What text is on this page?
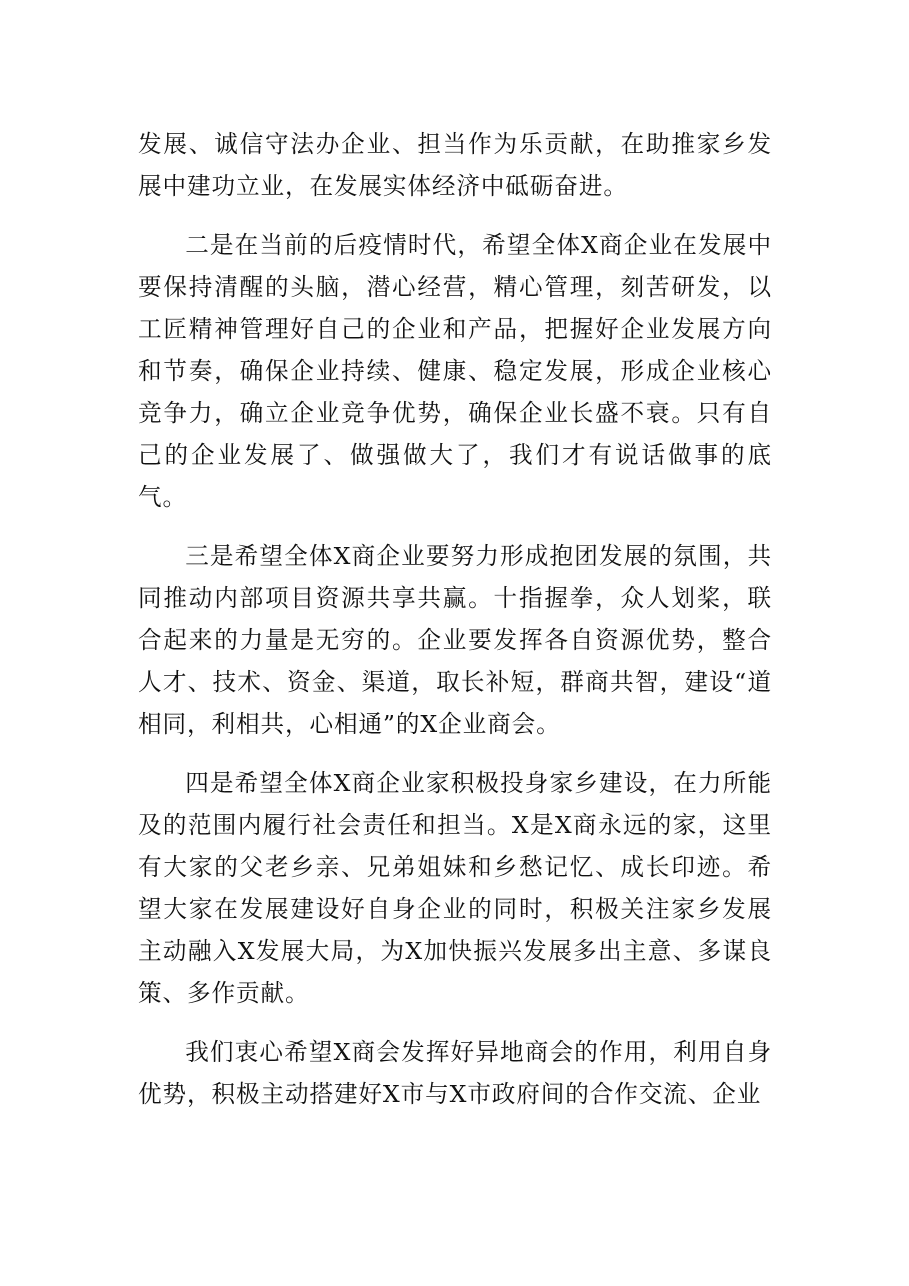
发展、诚信守法办企业、担当作为乐贡献，在助推家乡发展中建功立业，在发展实体经济中砥砺奋进。

二是在当前的后疫情时代，希望全体X商企业在发展中要保持清醒的头脑，潜心经营，精心管理，刻苦研发，以工匠精神管理好自己的企业和产品，把握好企业发展方向和节奏，确保企业持续、健康、稳定发展，形成企业核心竞争力，确立企业竞争优势，确保企业长盛不衰。只有自己的企业发展了、做强做大了，我们才有说话做事的底气。

三是希望全体X商企业要努力形成抱团发展的氛围，共同推动内部项目资源共享共赢。十指握拳，众人划桨，联合起来的力量是无穷的。企业要发挥各自资源优势，整合人才、技术、资金、渠道，取长补短，群商共智，建设“道相同，利相共，心相通”的X企业商会。

四是希望全体X商企业家积极投身家乡建设，在力所能及的范围内履行社会责任和担当。X是X商永远的家，这里有大家的父老乡亲、兄弟姐妹和乡愁记忆、成长印迹。希望大家在发展建设好自身企业的同时，积极关注家乡发展主动融入X发展大局，为X加快振兴发展多出主意、多谋良策、多作贡献。

我们衷心希望X商会发挥好异地商会的作用，利用自身优势，积极主动搭建好X市与X市政府间的合作交流、企业
